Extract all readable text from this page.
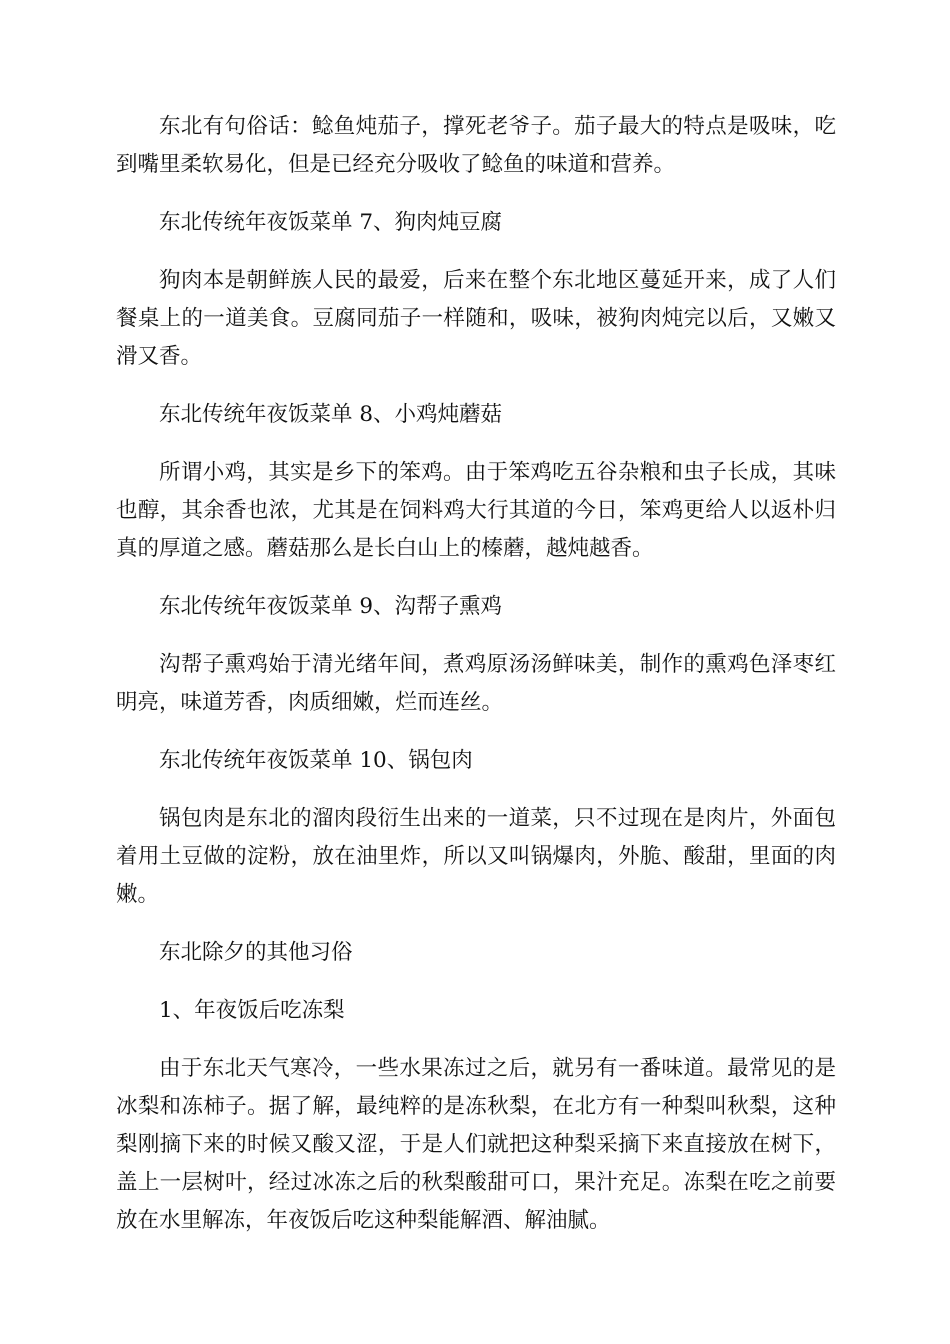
东北有句俗话：鲶鱼炖茄子，撑死老爷子。茄子最大的特点是吸味，吃到嘴里柔软易化，但是已经充分吸收了鲶鱼的味道和营养。

东北传统年夜饭菜单 7、狗肉炖豆腐

狗肉本是朝鲜族人民的最爱，后来在整个东北地区蔓延开来，成了人们餐桌上的一道美食。豆腐同茄子一样随和，吸味，被狗肉炖完以后，又嫩又滑又香。

东北传统年夜饭菜单 8、小鸡炖蘑菇

所谓小鸡，其实是乡下的笨鸡。由于笨鸡吃五谷杂粮和虫子长成，其味也醇，其余香也浓，尤其是在饲料鸡大行其道的今日，笨鸡更给人以返朴归真的厚道之感。蘑菇那么是长白山上的榛蘑，越炖越香。

东北传统年夜饭菜单 9、沟帮子熏鸡

沟帮子熏鸡始于清光绪年间，煮鸡原汤汤鲜味美，制作的熏鸡色泽枣红明亮，味道芳香，肉质细嫩，烂而连丝。

东北传统年夜饭菜单 10、锅包肉

锅包肉是东北的溜肉段衍生出来的一道菜，只不过现在是肉片，外面包着用土豆做的淀粉，放在油里炸，所以又叫锅爆肉，外脆、酸甜，里面的肉嫩。

东北除夕的其他习俗

1、年夜饭后吃冻梨

由于东北天气寒冷，一些水果冻过之后，就另有一番味道。最常见的是冰梨和冻柿子。据了解，最纯粹的是冻秋梨，在北方有一种梨叫秋梨，这种梨刚摘下来的时候又酸又涩，于是人们就把这种梨采摘下来直接放在树下，盖上一层树叶，经过冰冻之后的秋梨酸甜可口，果汁充足。冻梨在吃之前要放在水里解冻，年夜饭后吃这种梨能解酒、解油腻。
